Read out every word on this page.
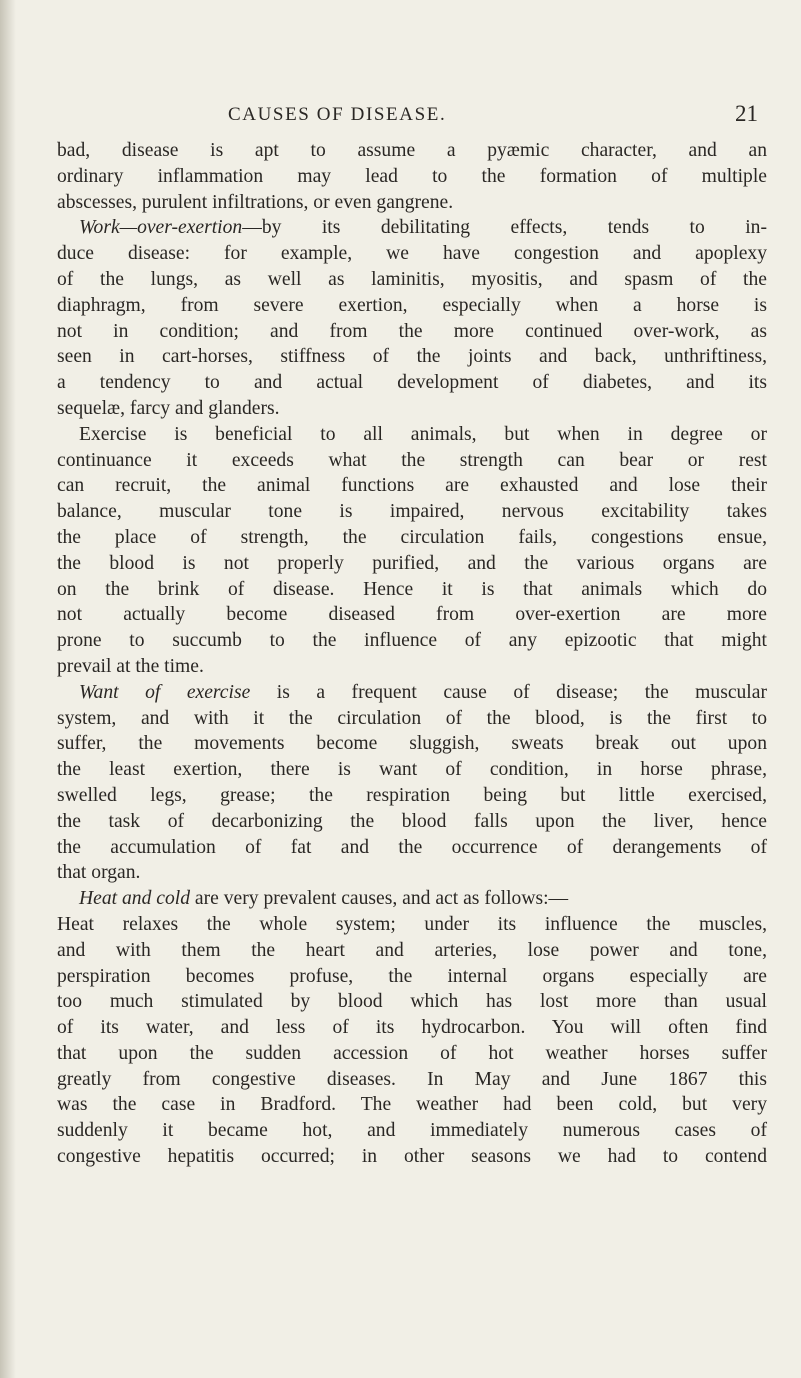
CAUSES OF DISEASE.	21
bad, disease is apt to assume a pyæmic character, and an
ordinary inflammation may lead to the formation of multiple
abscesses, purulent infiltrations, or even gangrene.
Work—over-exertion—by its debilitating effects, tends to in-
duce disease: for example, we have congestion and apoplexy
of the lungs, as well as laminitis, myositis, and spasm of the
diaphragm, from severe exertion, especially when a horse is
not in condition; and from the more continued over-work, as
seen in cart-horses, stiffness of the joints and back, unthriftiness,
a tendency to and actual development of diabetes, and its
sequelæ, farcy and glanders.
Exercise is beneficial to all animals, but when in degree or
continuance it exceeds what the strength can bear or rest
can recruit, the animal functions are exhausted and lose their
balance, muscular tone is impaired, nervous excitability takes
the place of strength, the circulation fails, congestions ensue,
the blood is not properly purified, and the various organs are
on the brink of disease. Hence it is that animals which do
not actually become diseased from over-exertion are more
prone to succumb to the influence of any epizootic that might
prevail at the time.
Want of exercise is a frequent cause of disease; the muscular
system, and with it the circulation of the blood, is the first to
suffer, the movements become sluggish, sweats break out upon
the least exertion, there is want of condition, in horse phrase,
swelled legs, grease; the respiration being but little exercised,
the task of decarbonizing the blood falls upon the liver, hence
the accumulation of fat and the occurrence of derangements of
that organ.
Heat and cold are very prevalent causes, and act as follows:—
Heat relaxes the whole system; under its influence the muscles,
and with them the heart and arteries, lose power and tone,
perspiration becomes profuse, the internal organs especially are
too much stimulated by blood which has lost more than usual
of its water, and less of its hydrocarbon. You will often find
that upon the sudden accession of hot weather horses suffer
greatly from congestive diseases. In May and June 1867 this
was the case in Bradford. The weather had been cold, but very
suddenly it became hot, and immediately numerous cases of
congestive hepatitis occurred; in other seasons we had to contend
